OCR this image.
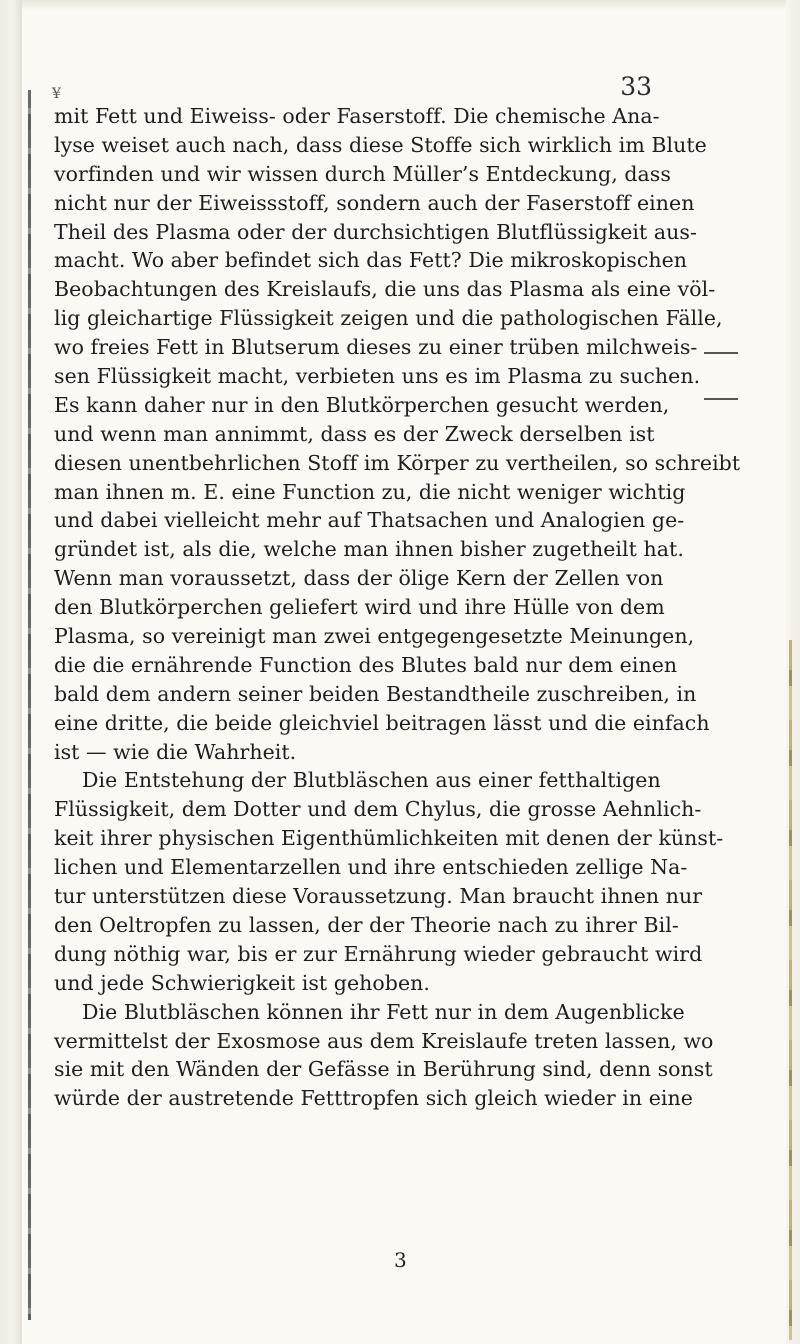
¥	33

mit Fett und Eiweiss- oder Faserstoff. Die chemische Ana-
lyse weiset auch nach, dass diese Stoffe sich wirklich im Blute
vorfinden und wir wissen durch Müller’s Entdeckung, dass
nicht nur der Eiweissstoff, sondern auch der Faserstoff einen
Theil des Plasma oder der durchsichtigen Blutflüssigkeit aus-
macht. Wo aber befindet sich das Fett? Die mikroskopischen
Beobachtungen des Kreislaufs, die uns das Plasma als eine völ-
lig gleichartige Flüssigkeit zeigen und die pathologischen Fälle,
wo freies Fett in Blutserum dieses zu einer trüben milchweis-
sen Flüssigkeit macht, verbieten uns es im Plasma zu suchen.
Es kann daher nur in den Blutkörperchen gesucht werden,
und wenn man annimmt, dass es der Zweck derselben ist
diesen unentbehrlichen Stoff im Körper zu vertheilen, so schreibt
man ihnen m. E. eine Function zu, die nicht weniger wichtig
und dabei vielleicht mehr auf Thatsachen und Analogien ge-
gründet ist, als die, welche man ihnen bisher zugetheilt hat.
Wenn man voraussetzt, dass der ölige Kern der Zellen von
den Blutkörperchen geliefert wird und ihre Hülle von dem
Plasma, so vereinigt man zwei entgegengesetzte Meinungen,
die die ernährende Function des Blutes bald nur dem einen
bald dem andern seiner beiden Bestandtheile zuschreiben, in
eine dritte, die beide gleichviel beitragen lässt und die einfach
ist — wie die Wahrheit.
Die Entstehung der Blutbläschen aus einer fetthaltigen
Flüssigkeit, dem Dotter und dem Chylus, die grosse Aehnlich-
keit ihrer physischen Eigenthümlichkeiten mit denen der künst-
lichen und Elementarzellen und ihre entschieden zellige Na-
tur unterstützen diese Voraussetzung. Man braucht ihnen nur
den Oeltropfen zu lassen, der der Theorie nach zu ihrer Bil-
dung nöthig war, bis er zur Ernährung wieder gebraucht wird
und jede Schwierigkeit ist gehoben.
Die Blutbläschen können ihr Fett nur in dem Augenblicke
vermittelst der Exosmose aus dem Kreislaufe treten lassen, wo
sie mit den Wänden der Gefässe in Berührung sind, denn sonst
würde der austretende Fetttropfen sich gleich wieder in eine
3
